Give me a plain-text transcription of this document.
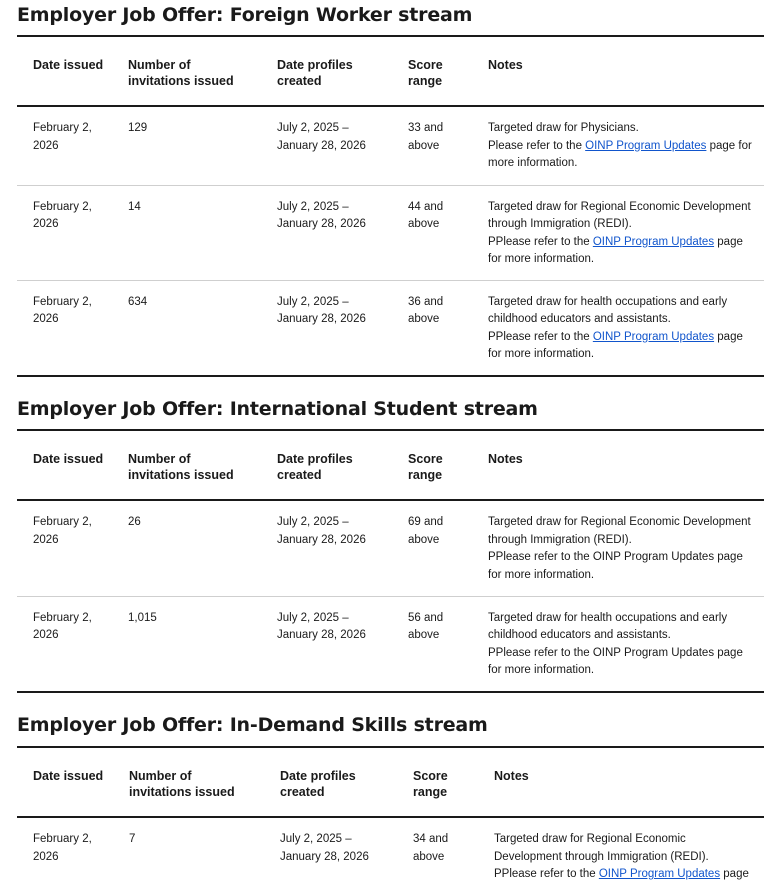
Employer Job Offer: Foreign Worker stream
Date issued	Number of invitations issued	Date profiles created	Score range	Notes
February 2, 2026	129	July 2, 2025 – January 28, 2026	33 and above	Targeted draw for Physicians.
Please refer to the OINP Program Updates page for more information.

February 2, 2026	14	July 2, 2025 – January 28, 2026	44 and above	Targeted draw for Regional Economic Development through Immigration (REDI).
PPlease refer to the OINP Program Updates page for more information.

February 2, 2026	634	July 2, 2025 – January 28, 2026	36 and above	Targeted draw for health occupations and early childhood educators and assistants.
PPlease refer to the OINP Program Updates page for more information.
Employer Job Offer: International Student stream
Date issued	Number of invitations issued	Date profiles created	Score range	Notes
February 2, 2026	26	July 2, 2025 – January 28, 2026	69 and above	Targeted draw for Regional Economic Development through Immigration (REDI).
PPlease refer to the OINP Program Updates page for more information.

February 2, 2026	1,015	July 2, 2025 – January 28, 2026	56 and above	Targeted draw for health occupations and early childhood educators and assistants.
PPlease refer to the OINP Program Updates page for more information.
Employer Job Offer: In-Demand Skills stream
Date issued	Number of invitations issued	Date profiles created	Score range	Notes
February 2, 2026	7	July 2, 2025 – January 28, 2026	34 and above	Targeted draw for Regional Economic Development through Immigration (REDI).
PPlease refer to the OINP Program Updates page
